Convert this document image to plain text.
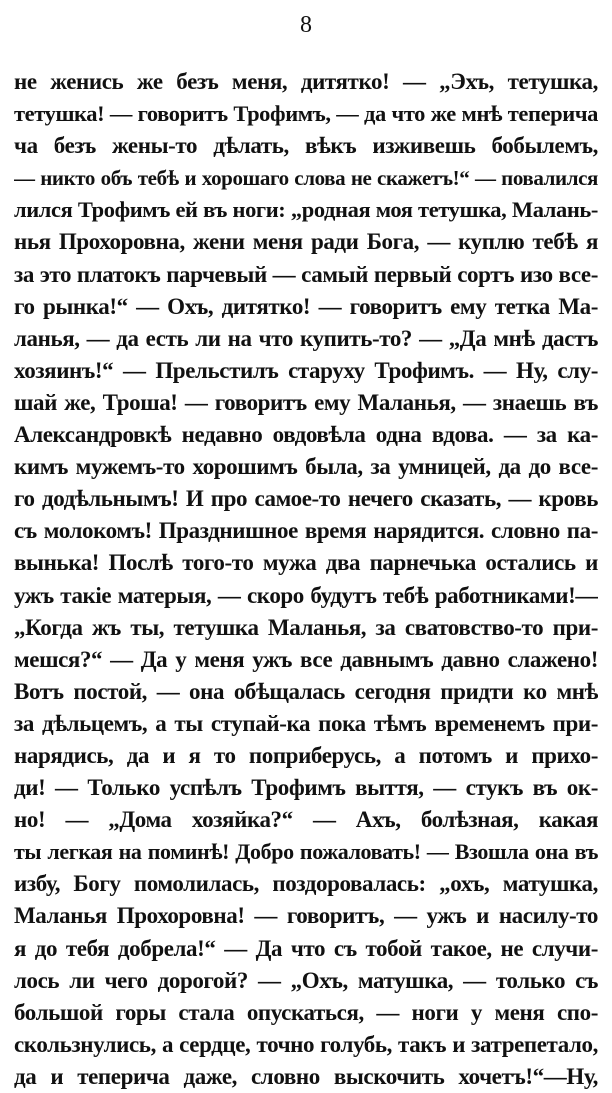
8
не женись же безъ меня, дитятко! — „Эхъ, тетушка,
тетушка! — говоритъ Трофимъ, — да что же мнѣ теперича
ча безъ жены-то дѣлать, вѣкъ изживешь бобылемъ,
— никто объ тебѣ и хорошаго слова не скажетъ!“ — повалился
лился Трофимъ ей въ ноги: „родная моя тетушка, Малань-
нья Прохоровна, жени меня ради Бога, — куплю тебѣ я
за это платокъ парчевый — самый первый сортъ изо все-
го рынка!“ — Охъ, дитятко! — говоритъ ему тетка Ма-
ланья, — да есть ли на что купить-то? — „Да мнѣ дастъ
хозяинъ!“ — Прельстилъ старуху Трофимъ. — Ну, слу-
шай же, Троша! — говоритъ ему Маланья, — знаешь въ
Александровкѣ недавно овдовѣла одна вдова. — за ка-
кимъ мужемъ-то хорошимъ была, за умницей, да до все-
го додѣльнымъ! И про самое-то нечего сказать, — кровь
съ молокомъ! Празднишное время нарядится. словно па-
вынька! Послѣ того-то мужа два парнечька остались и
ужъ такіе матерыя, — скоро будутъ тебѣ работниками!—
„Когда жъ ты, тетушка Маланья, за сватовство-то при-
мешся?“ — Да у меня ужъ все давнымъ давно слажено!
Вотъ постой, — она обѣщалась сегодня придти ко мнѣ
за дѣльцемъ, а ты ступай-ка пока тѣмъ временемъ при-
нарядись, да и я то поприберусь, а потомъ и прихо-
ди! — Только успѣлъ Трофимъ выття, — стукъ въ ок-
но! — „Дома хозяйка?“ — Ахъ, болѣзная, какая
ты легкая на поминѣ! Добро пожаловать! — Взошла она въ
избу, Богу помолилась, поздоровалась: „охъ, матушка,
Маланья Прохоровна! — говоритъ, — ужъ и насилу-то
я до тебя добрела!“ — Да что съ тобой такое, не случи-
лось ли чего дорогой? — „Охъ, матушка, — только съ
большой горы стала опускаться, — ноги у меня спо-
скользнулись, а сердце, точно голубь, такъ и затрепетало,
да и теперича даже, словно выскочить хочетъ!“—Ну,
